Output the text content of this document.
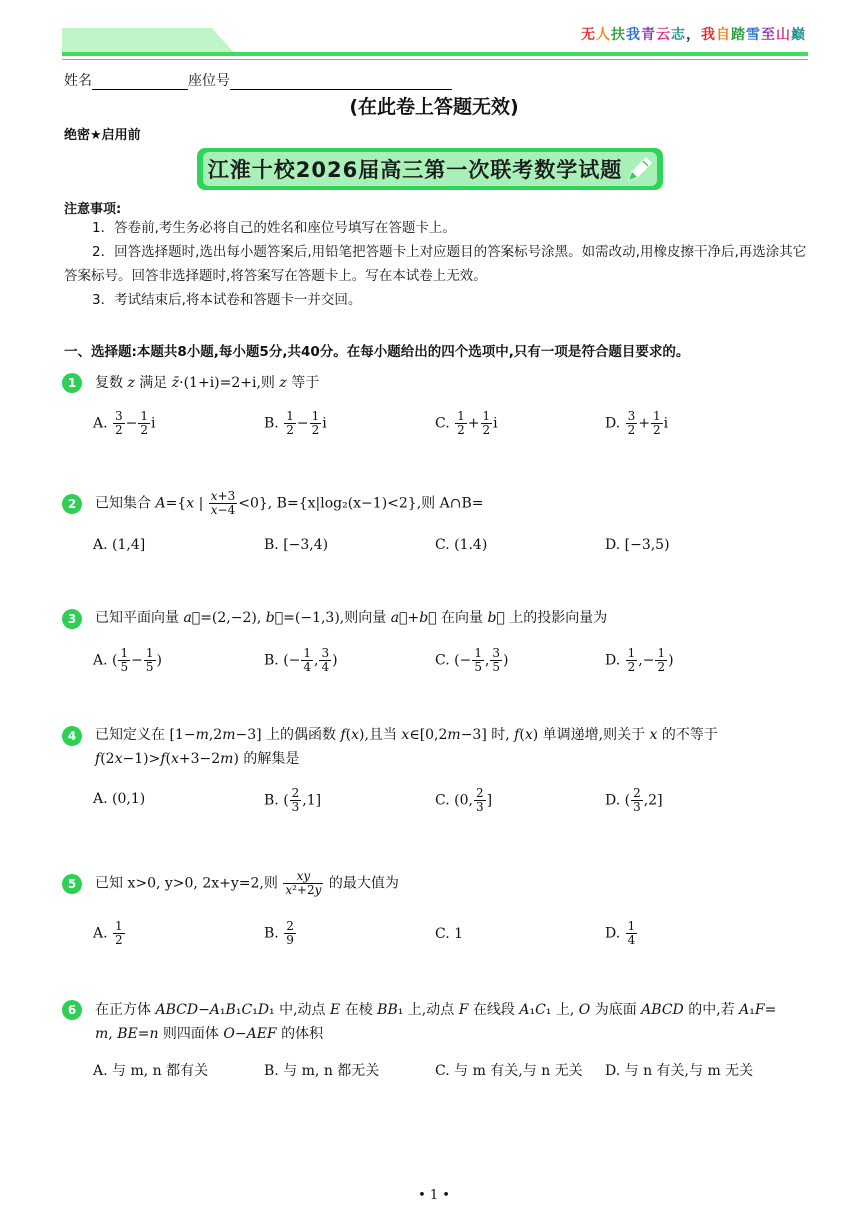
无人扶我青云志，我自踏雪至山巅
姓名	座位号
(在此卷上答题无效)
绝密★启用前
江淮十校2026届高三第一次联考数学试题
注意事项:
1．答卷前,考生务必将自己的姓名和座位号填写在答题卡上。
2．回答选择题时,选出每小题答案后,用铅笔把答题卡上对应题目的答案标号涂黑。如需改动,用橡皮擦干净后,再选涂其它答案标号。回答非选择题时,将答案写在答题卡上。写在本试卷上无效。
3．考试结束后,将本试卷和答题卡一并交回。
一、选择题:本题共8小题,每小题5分,共40分。在每小题给出的四个选项中,只有一项是符合题目要求的。
1	复数 z 满足 z̄·(1+i)=2+i,则 z 等于
A. $\frac{3}{2} - \frac{1}{2}$ i	B. $\frac{1}{2} - \frac{1}{2}$ i	C. $\frac{1}{2} + \frac{1}{2}$ i	D. $\frac{3}{2} + \frac{1}{2}$ i
2	已知集合 A={x | $\frac{x+3}{x-4} <0$}, B={x|log₂(x−1)<2},则 A∩B=
A. (1,4]	B. [−3,4)	C. (1.4)	D. [−3,5)
3	已知平面向量 a⃗=(2,−2), b⃗=(−1,3),则向量 a⃗+b⃗ 在向量 b⃗ 上的投影向量为
A. ( $\frac{1}{5} - \frac{1}{5}$ )	B. (− $\frac{1}{4}$ , $\frac{3}{4}$ )	C. (− $\frac{1}{5}$ , $\frac{3}{5}$ )	D. $\frac{1}{2}$ ,− $\frac{1}{2}$ )
4	已知定义在 [1−m,2m−3] 上的偶函数 f(x),且当 x∈[0,2m−3] 时, f(x) 单调递增,则关于 x 的不等于
f(2x−1)>f(x+3−2m) 的解集是
A. (0,1)	B. ( $\frac{2}{3} ,1$]	C. (0, $\frac{2}{3}$ ]	D. ( $\frac{2}{3} ,2$]
5	已知 x>0, y>0, 2x+y=2,则 $\frac{xy}{\text{x²+2y}}$ 的最大值为
A. $\frac{1}{2}$	B. $\frac{2}{9}$	C. 1	D. $\frac{1}{4}$
6	在正方体 ABCD−A₁B₁C₁D₁ 中,动点 E 在棱 BB₁ 上,动点 F 在线段 A₁C₁ 上, O 为底面 ABCD 的中,若 A₁F=
m, BE=n 则四面体 O−AEF 的体积
A. 与 m, n 都有关	B. 与 m, n 都无关	C. 与 m 有关,与 n 无关 D. 与 n 有关,与 m 无关
• 1 •
